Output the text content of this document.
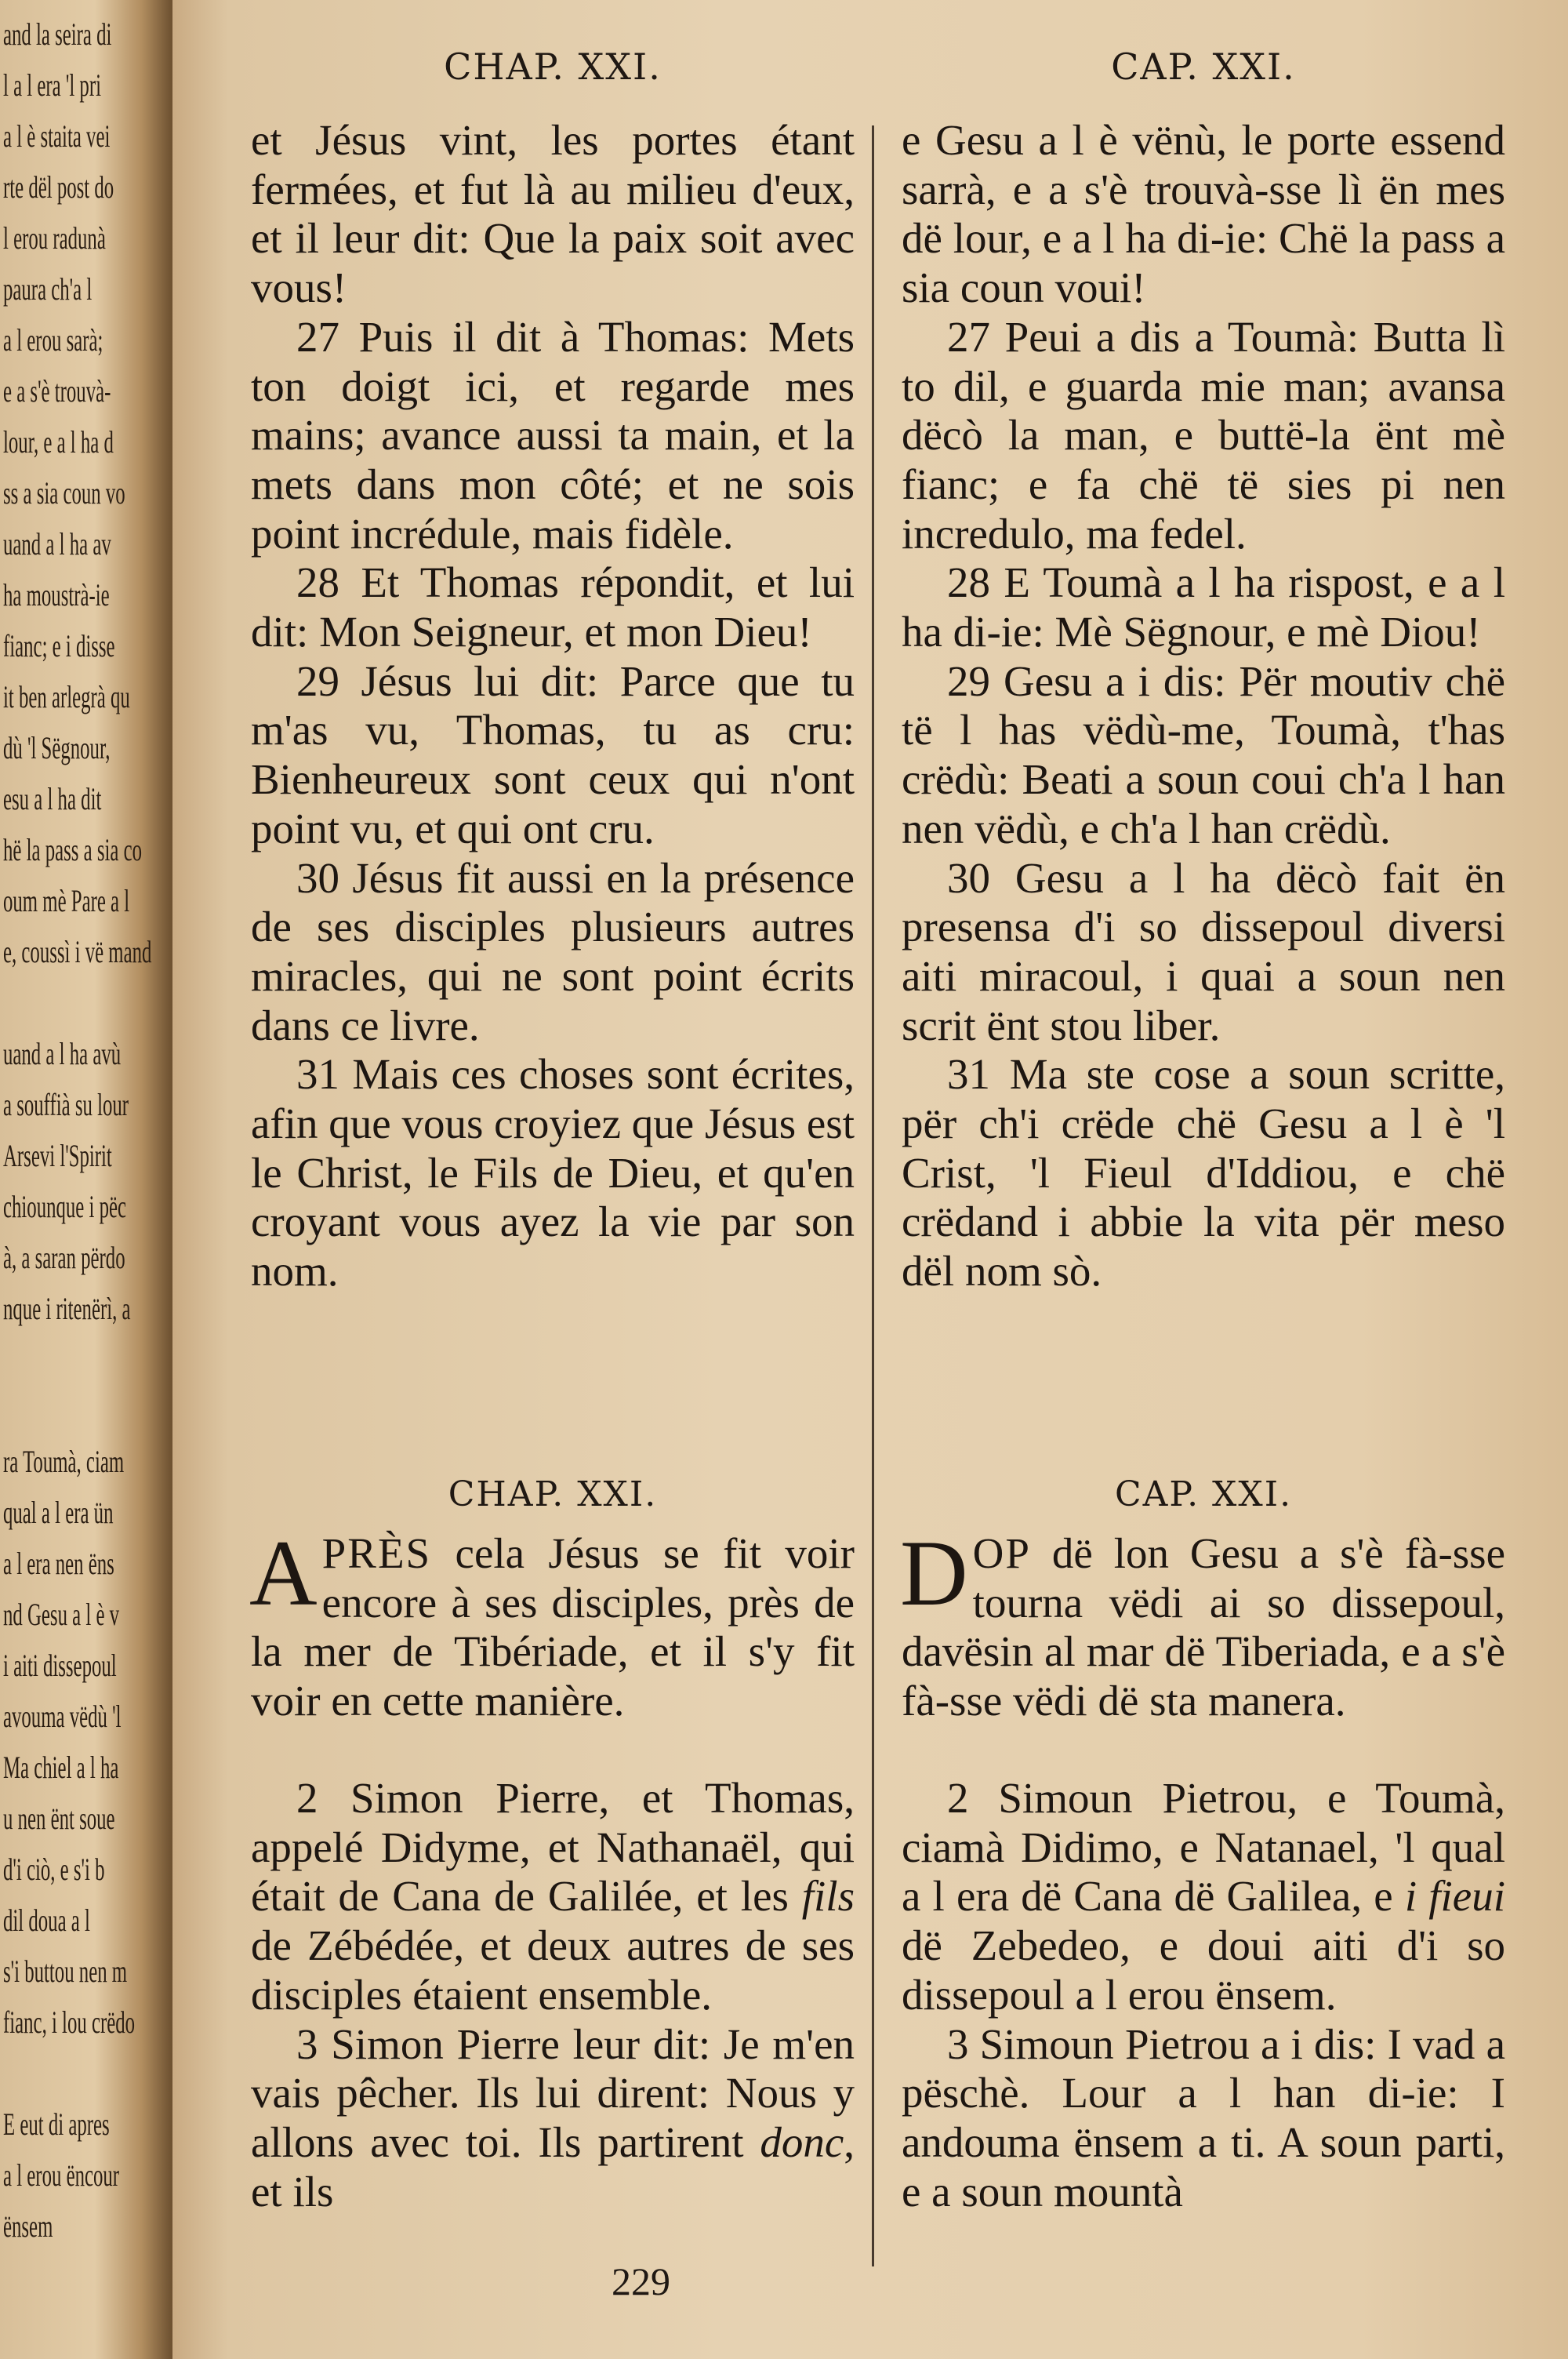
and la seira di
l a l era 'l pri
a l è staita vei
rte dël post do
l erou radunà
paura ch'a l
a l erou sarà;
e a s'è trouvà-
lour, e a l ha d
ss a sia coun vo
uand a l ha av
ha moustrà-ie
fianc; e i disse
it ben arlegrà qu
dù 'l Sëgnour,
esu a l ha dit
hë la pass a sia co
oum mè Pare a l
e, coussì i vë mand
uand a l ha avù
a souffià su lour
Arsevi l'Spirit
chiounque i pëc
à, a saran përdo
nque i ritenërì, a
ra Toumà, ciam
qual a l era ün
a l era nen ëns
nd Gesu a l è v
i aiti dissepoul
avouma vëdù 'l
Ma chiel a l ha
u nen ënt soue
d'i ciò, e s'i b
dil doua a l
s'i buttou nen m
fianc, i lou crëdo
E eut di apres
a l erou ëncour
ënsem
CHAP. XXI.

et Jésus vint, les portes étant fermées, et fut là au milieu d'eux, et il leur dit: Que la paix soit avec vous!

27 Puis il dit à Thomas: Mets ton doigt ici, et regarde mes mains; avance aussi ta main, et la mets dans mon côté; et ne sois point incrédule, mais fidèle.

28 Et Thomas répondit, et lui dit: Mon Seigneur, et mon Dieu!

29 Jésus lui dit: Parce que tu m'as vu, Thomas, tu as cru: Bienheureux sont ceux qui n'ont point vu, et qui ont cru.

30 Jésus fit aussi en la présence de ses disciples plusieurs autres miracles, qui ne sont point écrits dans ce livre.

31 Mais ces choses sont écrites, afin que vous croyiez que Jésus est le Christ, le Fils de Dieu, et qu'en croyant vous ayez la vie par son nom.

CHAP. XXI.
APRÈS cela Jésus se fit voir encore à ses disciples, près de la mer de Tibériade, et il s'y fit voir en cette manière.

2 Simon Pierre, et Thomas, appelé Didyme, et Nathanaël, qui était de Cana de Galilée, et les fils de Zébédée, et deux autres de ses disciples étaient ensemble.

3 Simon Pierre leur dit: Je m'en vais pêcher. Ils lui dirent: Nous y allons avec toi. Ils partirent donc, et ils

CAP. XXI.

e Gesu a l è vënù, le porte essend sarrà, e a s'è trouvà-sse lì ën mes dë lour, e a l ha di-ie: Chë la pass a sia coun voui!

27 Peui a dis a Toumà: Butta lì to dil, e guarda mie man; avansa dëcò la man, e buttë-la ënt mè fianc; e fa chë të sies pi nen incredulo, ma fedel.

28 E Toumà a l ha rispost, e a l ha di-ie: Mè Sëgnour, e mè Diou!

29 Gesu a i dis: Për moutiv chë të l has vëdù-me, Toumà, t'has crëdù: Beati a soun coui ch'a l han nen vëdù, e ch'a l han crëdù.

30 Gesu a l ha dëcò fait ën presensa d'i so dissepoul diversi aiti miracoul, i quai a soun nen scrit ënt stou liber.

31 Ma ste cose a soun scritte, për ch'i crëde chë Gesu a l è 'l Crist, 'l Fieul d'Iddiou, e chë crëdand i abbie la vita për meso dël nom sò.

CAP. XXI.
DOP dë lon Gesu a s'è fà-sse tourna vëdi ai so dissepoul, davësin al mar dë Tiberiada, e a s'è fà-sse vëdi dë sta manera.

2 Simoun Pietrou, e Toumà, ciamà Didimo, e Natanael, 'l qual a l era dë Cana dë Galilea, e i fieui dë Zebedeo, e doui aiti d'i so dissepoul a l erou ënsem.

3 Simoun Pietrou a i dis: I vad a pëschè. Lour a l han di-ie: I andouma ënsem a ti. A soun parti, e a soun mountà

229
